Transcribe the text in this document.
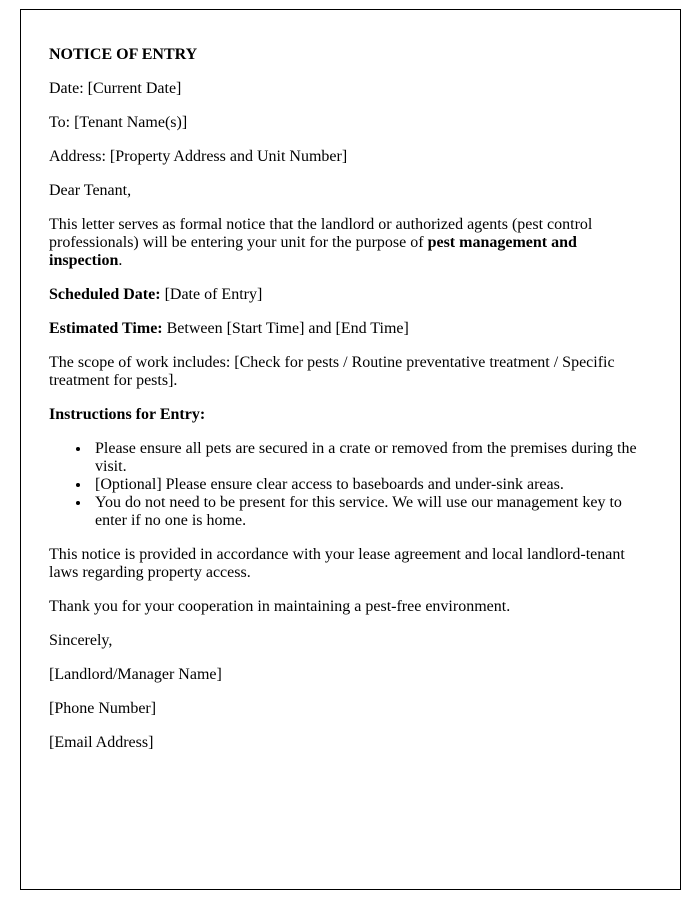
NOTICE OF ENTRY

Date: [Current Date]

To: [Tenant Name(s)]

Address: [Property Address and Unit Number]

Dear Tenant,

This letter serves as formal notice that the landlord or authorized agents (pest control professionals) will be entering your unit for the purpose of pest management and inspection.

Scheduled Date: [Date of Entry]

Estimated Time: Between [Start Time] and [End Time]

The scope of work includes: [Check for pests / Routine preventative treatment / Specific treatment for pests].

Instructions for Entry:

• Please ensure all pets are secured in a crate or removed from the premises during the visit.
• [Optional] Please ensure clear access to baseboards and under-sink areas.
• You do not need to be present for this service. We will use our management key to enter if no one is home.

This notice is provided in accordance with your lease agreement and local landlord-tenant laws regarding property access.

Thank you for your cooperation in maintaining a pest-free environment.

Sincerely,

[Landlord/Manager Name]

[Phone Number]

[Email Address]
